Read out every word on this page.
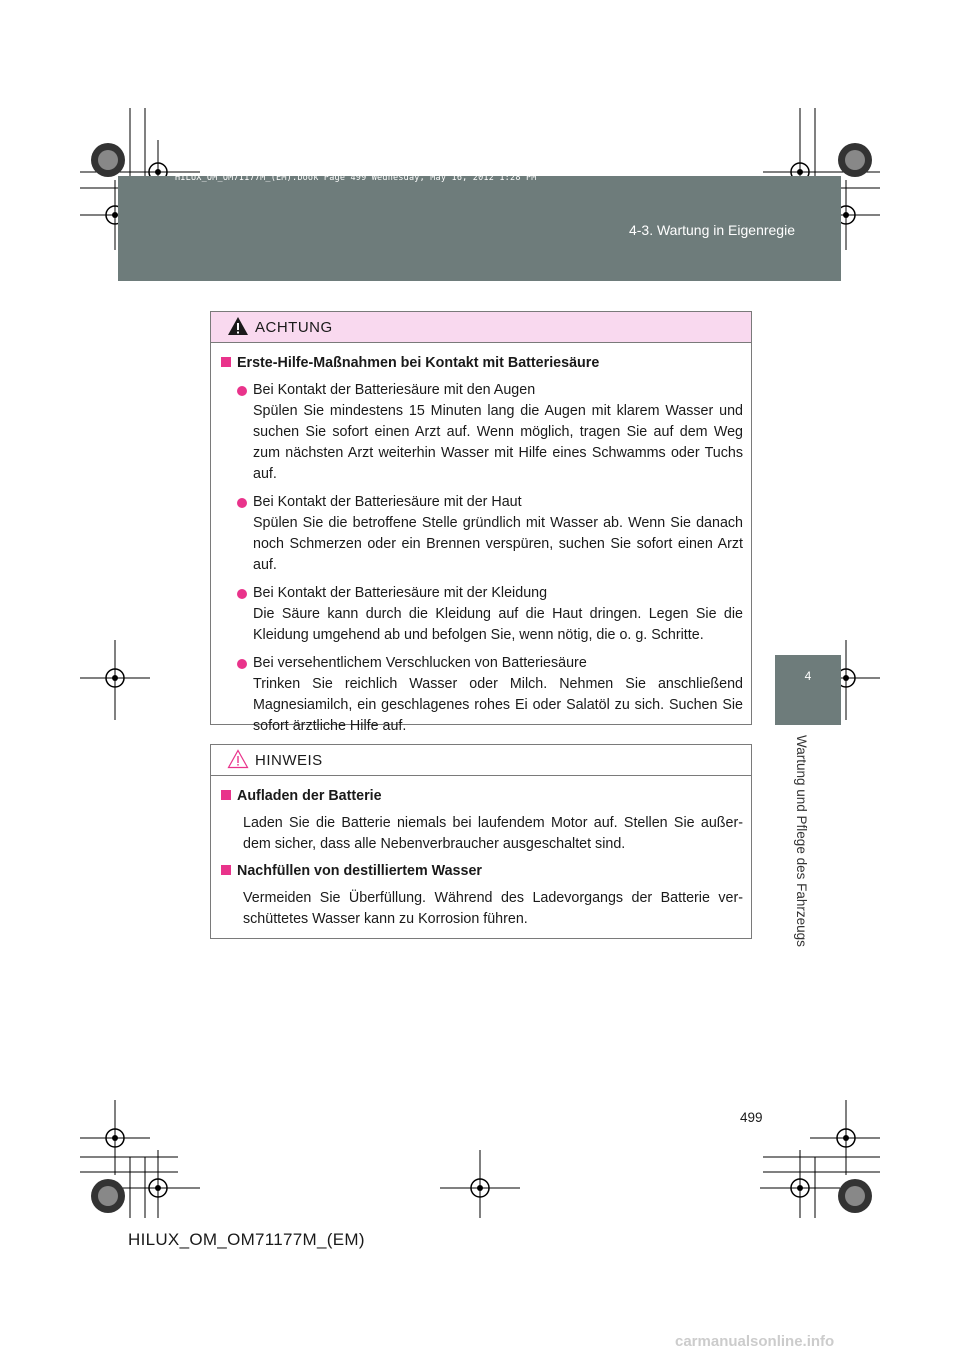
HILUX_OM_OM71177M_(EM).book Page 499 Wednesday, May 16, 2012 1:28 PM
4-3. Wartung in Eigenregie
4
Wartung und Pflege des Fahrzeugs
ACHTUNG
Erste-Hilfe-Maßnahmen bei Kontakt mit Batteriesäure
Bei Kontakt der Batteriesäure mit den Augen
Spülen Sie mindestens 15 Minuten lang die Augen mit klarem Wasser und suchen Sie sofort einen Arzt auf. Wenn möglich, tragen Sie auf dem Weg zum nächsten Arzt weiterhin Wasser mit Hilfe eines Schwamms oder Tuchs auf.
Bei Kontakt der Batteriesäure mit der Haut
Spülen Sie die betroffene Stelle gründlich mit Wasser ab. Wenn Sie danach noch Schmerzen oder ein Brennen verspüren, suchen Sie sofort einen Arzt auf.
Bei Kontakt der Batteriesäure mit der Kleidung
Die Säure kann durch die Kleidung auf die Haut dringen. Legen Sie die Kleidung umgehend ab und befolgen Sie, wenn nötig, die o. g. Schritte.
Bei versehentlichem Verschlucken von Batteriesäure
Trinken Sie reichlich Wasser oder Milch. Nehmen Sie anschließend Magnesiamilch, ein geschlagenes rohes Ei oder Salatöl zu sich. Suchen Sie sofort ärztliche Hilfe auf.
HINWEIS
Aufladen der Batterie
Laden Sie die Batterie niemals bei laufendem Motor auf. Stellen Sie außer-dem sicher, dass alle Nebenverbraucher ausgeschaltet sind.
Nachfüllen von destilliertem Wasser
Vermeiden Sie Überfüllung. Während des Ladevorgangs der Batterie ver-schüttetes Wasser kann zu Korrosion führen.
499
HILUX_OM_OM71177M_(EM)
carmanualsonline.info
